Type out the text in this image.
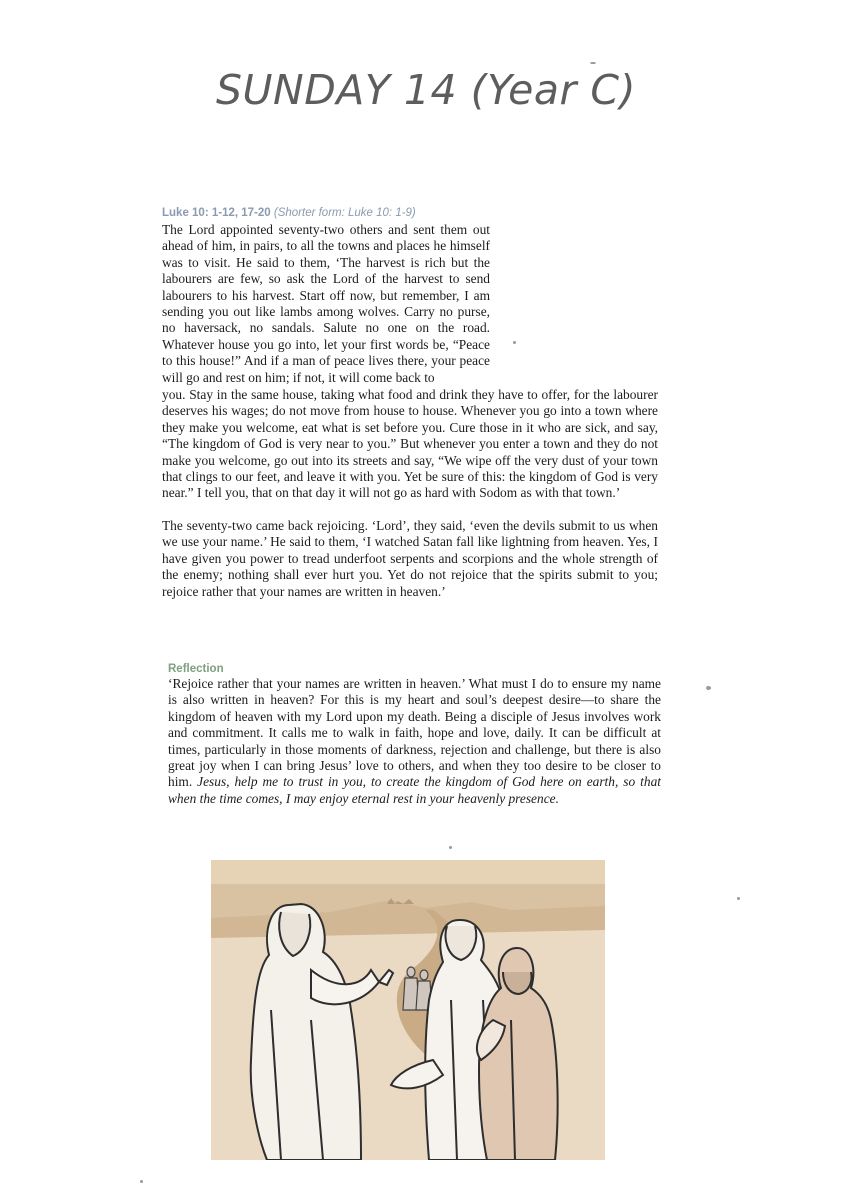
SUNDAY 14 (Year C)
Luke 10: 1-12, 17-20 (Shorter form: Luke 10: 1-9)

The Lord appointed seventy-two others and sent them out ahead of him, in pairs, to all the towns and places he himself was to visit. He said to them, ‘The harvest is rich but the labourers are few, so ask the Lord of the harvest to send labourers to his harvest. Start off now, but remember, I am sending you out like lambs among wolves. Carry no purse, no haversack, no sandals. Salute no one on the road. Whatever house you go into, let your first words be, “Peace to this house!” And if a man of peace lives there, your peace will go and rest on him; if not, it will come back to

you. Stay in the same house, taking what food and drink they have to offer, for the labourer deserves his wages; do not move from house to house. Whenever you go into a town where they make you welcome, eat what is set before you. Cure those in it who are sick, and say, “The kingdom of God is very near to you.” But whenever you enter a town and they do not make you welcome, go out into its streets and say, “We wipe off the very dust of your town that clings to our feet, and leave it with you. Yet be sure of this: the kingdom of God is very near.” I tell you, that on that day it will not go as hard with Sodom as with that town.’

The seventy-two came back rejoicing. ‘Lord’, they said, ‘even the devils submit to us when we use your name.’ He said to them, ‘I watched Satan fall like lightning from heaven. Yes, I have given you power to tread underfoot serpents and scorpions and the whole strength of the enemy; nothing shall ever hurt you. Yet do not rejoice that the spirits submit to you; rejoice rather that your names are written in heaven.’

Reflection

‘Rejoice rather that your names are written in heaven.’ What must I do to ensure my name is also written in heaven? For this is my heart and soul’s deepest desire—to share the kingdom of heaven with my Lord upon my death. Being a disciple of Jesus involves work and commitment. It calls me to walk in faith, hope and love, daily. It can be difficult at times, particularly in those moments of darkness, rejection and challenge, but there is also great joy when I can bring Jesus’ love to others, and when they too desire to be closer to him. Jesus, help me to trust in you, to create the kingdom of God here on earth, so that when the time comes, I may enjoy eternal rest in your heavenly presence.
